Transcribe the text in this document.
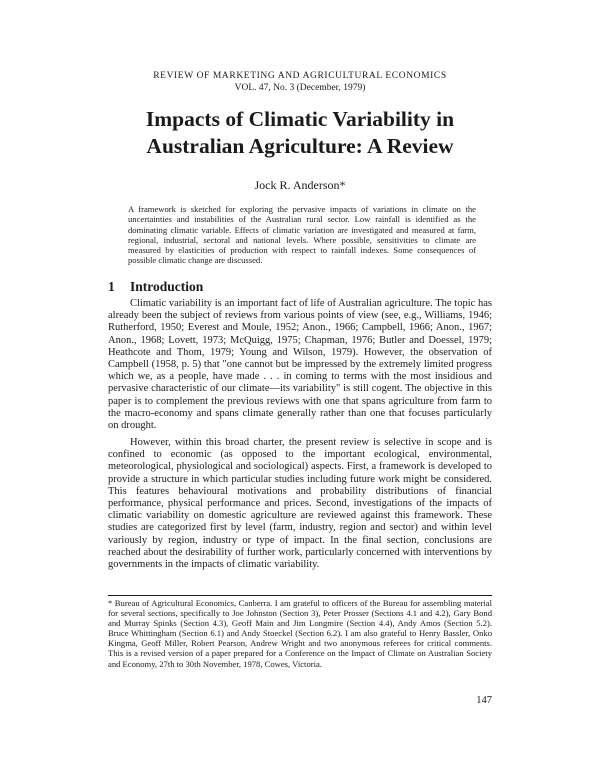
REVIEW OF MARKETING AND AGRICULTURAL ECONOMICS
VOL. 47, No. 3 (December, 1979)
Impacts of Climatic Variability in
Australian Agriculture: A Review
Jock R. Anderson*
A framework is sketched for exploring the pervasive impacts of variations in climate on the uncertainties and instabilities of the Australian rural sector. Low rainfall is identified as the dominating climatic variable. Effects of climatic variation are investigated and measured at farm, regional, industrial, sectoral and national levels. Where possible, sensitivities to climate are measured by elasticities of production with respect to rainfall indexes. Some consequences of possible climatic change are discussed.
1 Introduction

Climatic variability is an important fact of life of Australian agriculture. The topic has already been the subject of reviews from various points of view (see, e.g., Williams, 1946; Rutherford, 1950; Everest and Moule, 1952; Anon., 1966; Campbell, 1966; Anon., 1967; Anon., 1968; Lovett, 1973; McQuigg, 1975; Chapman, 1976; Butler and Doessel, 1979; Heathcote and Thom, 1979; Young and Wilson, 1979). However, the observation of Campbell (1958, p. 5) that "one cannot but be impressed by the extremely limited progress which we, as a people, have made . . . in coming to terms with the most insidious and pervasive characteristic of our climate—its variability" is still cogent. The objective in this paper is to complement the previous reviews with one that spans agriculture from farm to the macro-economy and spans climate generally rather than one that focuses particularly on drought.

However, within this broad charter, the present review is selective in scope and is confined to economic (as opposed to the important ecological, environmental, meteorological, physiological and sociological) aspects. First, a framework is developed to provide a structure in which particular studies including future work might be considered. This features behavioural motivations and probability distributions of financial performance, physical performance and prices. Second, investigations of the impacts of climatic variability on domestic agriculture are reviewed against this framework. These studies are categorized first by level (farm, industry, region and sector) and within level variously by region, industry or type of impact. In the final section, conclusions are reached about the desirability of further work, particularly concerned with interventions by governments in the impacts of climatic variability.

* Bureau of Agricultural Economics, Canberra. I am grateful to officers of the Bureau for assembling material for several sections, specifically to Joe Johnston (Section 3), Peter Prosser (Sections 4.1 and 4.2), Gary Bond and Murray Spinks (Section 4.3), Geoff Main and Jim Longmire (Section 4.4), Andy Amos (Section 5.2). Bruce Whittingham (Section 6.1) and Andy Stoeckel (Section 6.2). I am also grateful to Henry Bassler, Onko Kingma, Geoff Miller, Robert Pearson, Andrew Wright and two anonymous referees for critical comments. This is a revised version of a paper prepared for a Conference on the Impact of Climate on Australian Society and Economy, 27th to 30th November, 1978, Cowes, Victoria.
147
